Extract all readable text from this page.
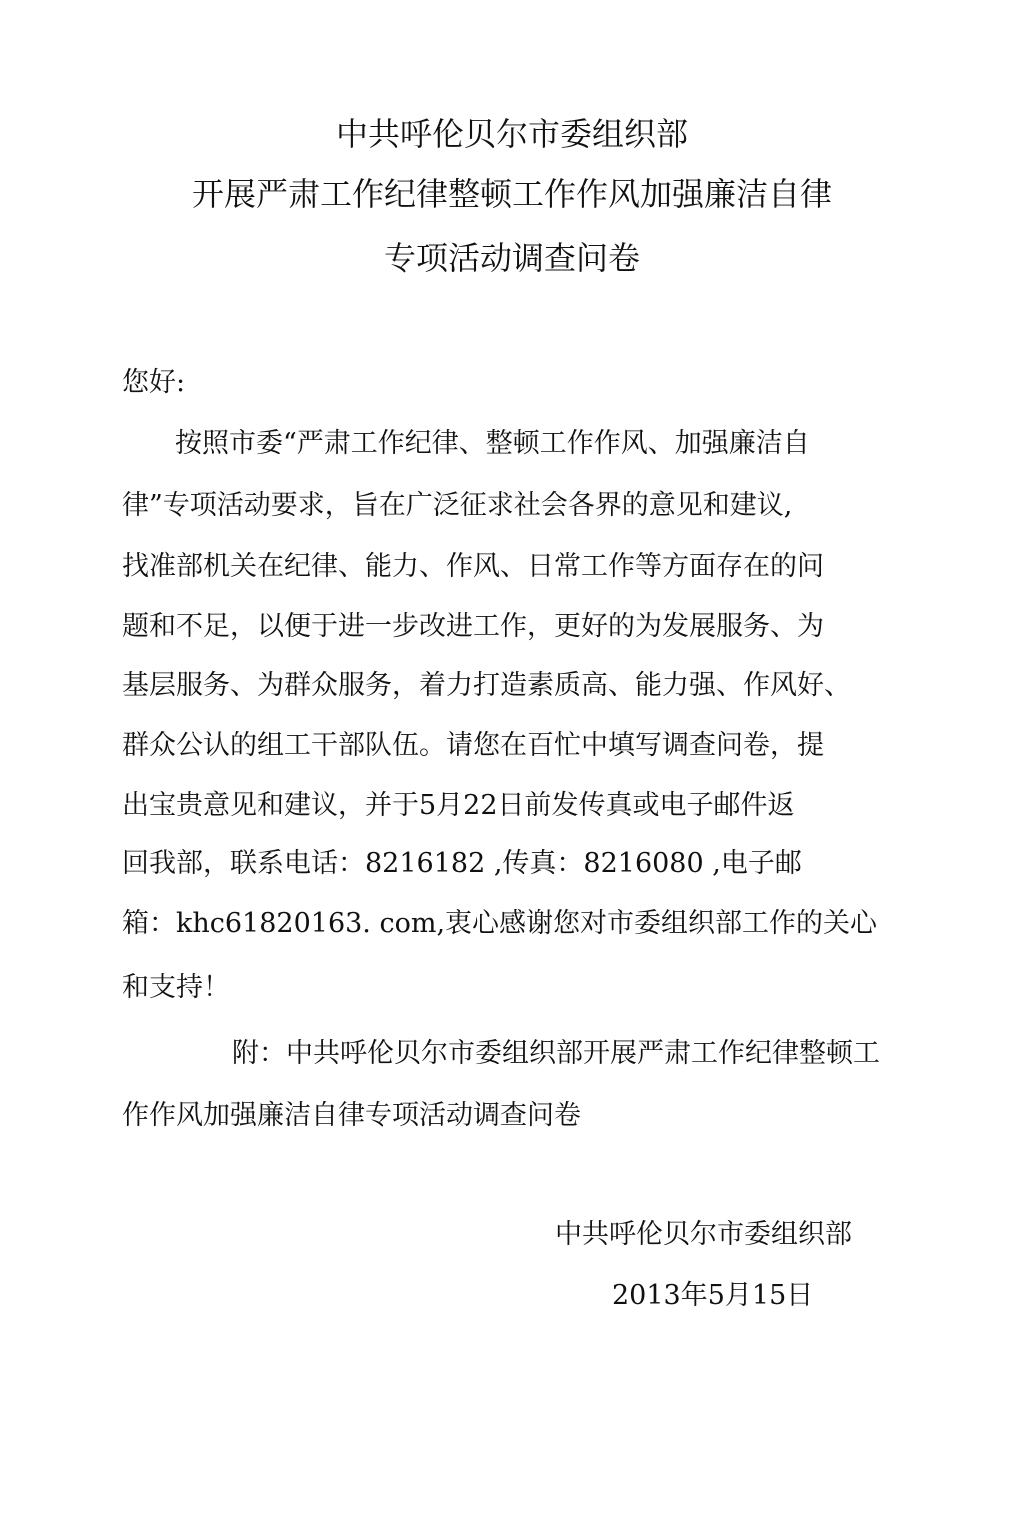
中共呼伦贝尔市委组织部
开展严肃工作纪律整顿工作作风加强廉洁自律
专项活动调查问卷
您好:
按照市委“严肃工作纪律、整顿工作作风、加强廉洁自
律”专项活动要求，旨在广泛征求社会各界的意见和建议,
找准部机关在纪律、能力、作风、日常工作等方面存在的问
题和不足，以便于进一步改进工作，更好的为发展服务、为
基层服务、为群众服务，着力打造素质高、能力强、作风好、
群众公认的组工干部队伍。请您在百忙中填写调查问卷，提
出宝贵意见和建议，并于5月22日前发传真或电子邮件返
回我部，联系电话：8216182 ,传真：8216080 ,电子邮
箱：khc61820163. com,衷心感谢您对市委组织部工作的关心
和支持！
附：中共呼伦贝尔市委组织部开展严肃工作纪律整顿工
作作风加强廉洁自律专项活动调查问卷
中共呼伦贝尔市委组织部
2013年5月15日
